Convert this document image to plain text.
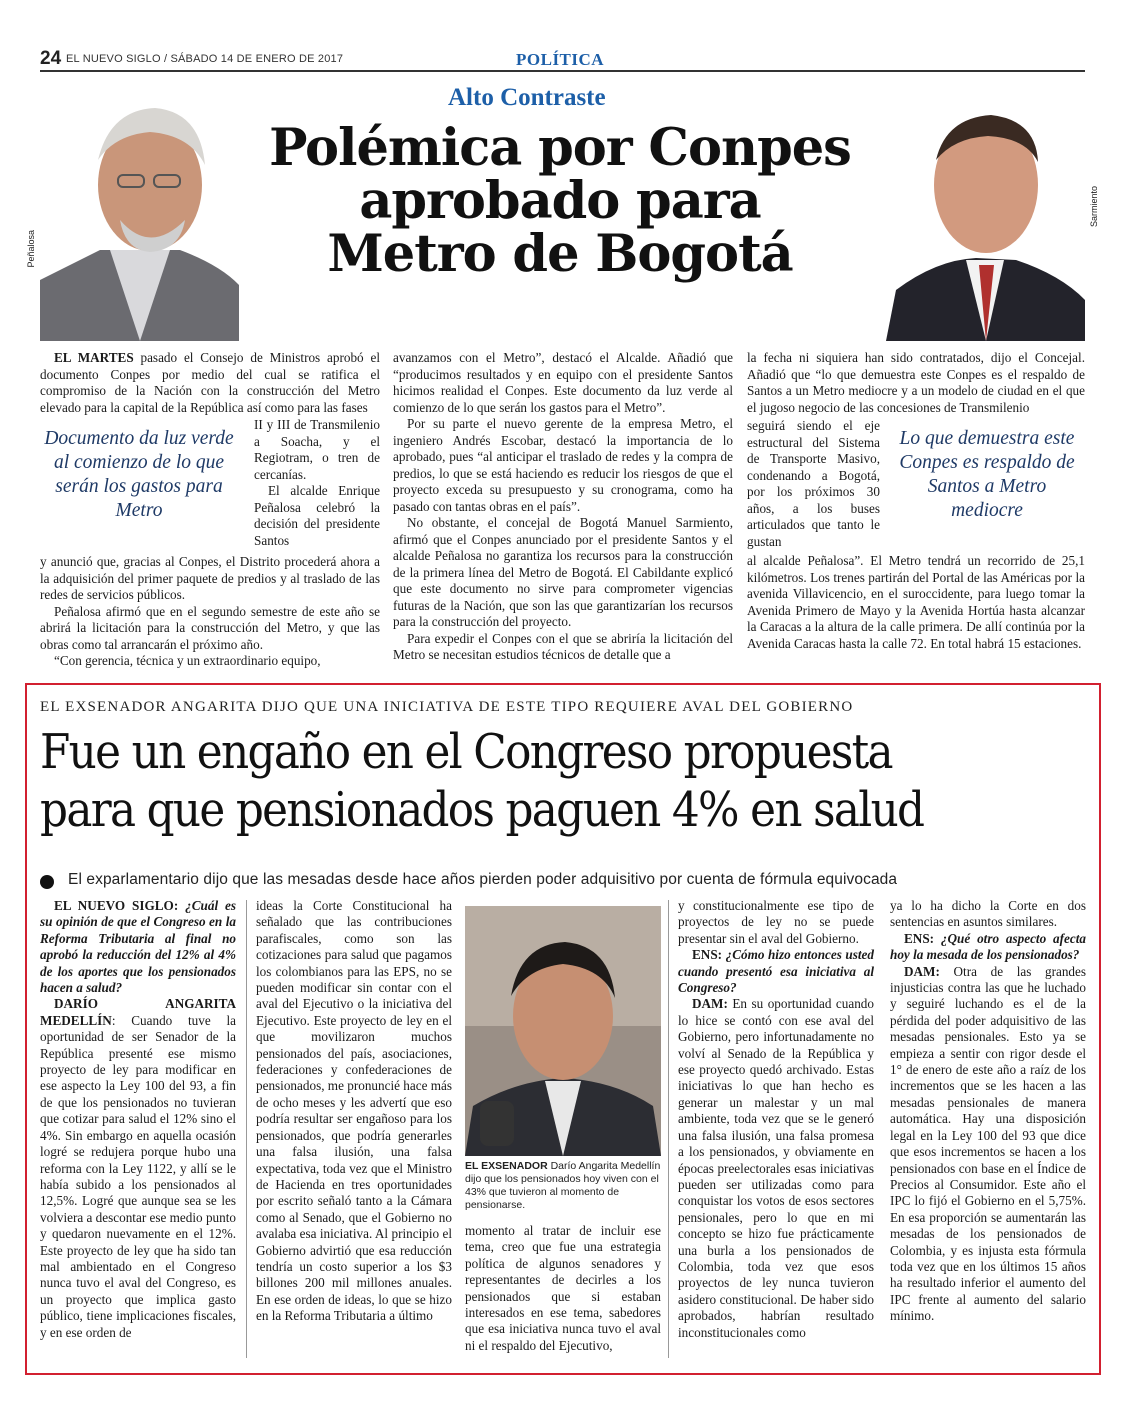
24 EL NUEVO SIGLO / SÁBADO 14 DE ENERO DE 2017	POLÍTICA
Alto Contraste
Polémica por Conpes
aprobado para
Metro de Bogotá
Peñalosa
Sarmiento

EL MARTES pasado el Consejo de Ministros aprobó el documento Conpes por medio del cual se ratifica el compromiso de la Nación con la construcción del Metro elevado para la capital de la República así como para las fases

Documento da luz verde al comienzo de lo que serán los gastos para Metro

II y III de Transmilenio a Soacha, y el Regiotram, o tren de cercanías.

El alcalde Enrique Peñalosa celebró la decisión del presidente Santos

y anunció que, gracias al Conpes, el Distrito procederá ahora a la adquisición del primer paquete de predios y al traslado de las redes de servicios públicos.

Peñalosa afirmó que en el segundo semestre de este año se abrirá la licitación para la construcción del Metro, y que las obras como tal arrancarán el próximo año.

“Con gerencia, técnica y un extraordinario equipo,

avanzamos con el Metro”, destacó el Alcalde. Añadió que “producimos resultados y en equipo con el presidente Santos hicimos realidad el Conpes. Este documento da luz verde al comienzo de lo que serán los gastos para el Metro”.

Por su parte el nuevo gerente de la empresa Metro, el ingeniero Andrés Escobar, destacó la importancia de lo aprobado, pues “al anticipar el traslado de redes y la compra de predios, lo que se está haciendo es reducir los riesgos de que el proyecto exceda su presupuesto y su cronograma, como ha pasado con tantas obras en el país”.

No obstante, el concejal de Bogotá Manuel Sarmiento, afirmó que el Conpes anunciado por el presidente Santos y el alcalde Peñalosa no garantiza los recursos para la construcción de la primera línea del Metro de Bogotá. El Cabildante explicó que este documento no sirve para comprometer vigencias futuras de la Nación, que son las que garantizarían los recursos para la construcción del proyecto.

Para expedir el Conpes con el que se abriría la licitación del Metro se necesitan estudios técnicos de detalle que a

la fecha ni siquiera han sido contratados, dijo el Concejal. Añadió que “lo que demuestra este Conpes es el respaldo de Santos a un Metro mediocre y a un modelo de ciudad en el que el jugoso negocio de las concesiones de Transmilenio

seguirá siendo el eje estructural del Sistema de Transporte Masivo, condenando a Bogotá, por los próximos 30 años, a los buses articulados que tanto le gustan

Lo que demuestra este Conpes es respaldo de Santos a Metro mediocre

al alcalde Peñalosa”. El Metro tendrá un recorrido de 25,1 kilómetros. Los trenes partirán del Portal de las Américas por la avenida Villavicencio, en el suroccidente, para luego tomar la Avenida Primero de Mayo y la Avenida Hortúa hasta alcanzar la Caracas a la altura de la calle primera. De allí continúa por la Avenida Caracas hasta la calle 72. En total habrá 15 estaciones.

EL EXSENADOR ANGARITA DIJO QUE UNA INICIATIVA DE ESTE TIPO REQUIERE AVAL DEL GOBIERNO
Fue un engaño en el Congreso propuesta
para que pensionados paguen 4% en salud
El exparlamentario dijo que las mesadas desde hace años pierden poder adquisitivo por cuenta de fórmula equivocada

EL NUEVO SIGLO: ¿Cuál es su opinión de que el Congreso en la Reforma Tributaria al final no aprobó la reducción del 12% al 4% de los aportes que los pensionados hacen a salud?

DARÍO ANGARITA MEDELLÍN: Cuando tuve la oportunidad de ser Senador de la República presenté ese mismo proyecto de ley para modificar en ese aspecto la Ley 100 del 93, a fin de que los pensionados no tuvieran que cotizar para salud el 12% sino el 4%. Sin embargo en aquella ocasión logré se redujera porque hubo una reforma con la Ley 1122, y allí se le había subido a los pensionados al 12,5%. Logré que aunque sea se les volviera a descontar ese medio punto y quedaron nuevamente en el 12%. Este proyecto de ley que ha sido tan mal ambientado en el Congreso nunca tuvo el aval del Congreso, es un proyecto que implica gasto público, tiene implicaciones fiscales, y en ese orden de

ideas la Corte Constitucional ha señalado que las contribuciones parafiscales, como son las cotizaciones para salud que pagamos los colombianos para las EPS, no se pueden modificar sin contar con el aval del Ejecutivo o la iniciativa del Ejecutivo. Este proyecto de ley en el que movilizaron muchos pensionados del país, asociaciones, federaciones y confederaciones de pensionados, me pronuncié hace más de ocho meses y les advertí que eso podría resultar ser engañoso para los pensionados, que podría generarles una falsa ilusión, una falsa expectativa, toda vez que el Ministro de Hacienda en tres oportunidades por escrito señaló tanto a la Cámara como al Senado, que el Gobierno no avalaba esa iniciativa. Al principio el Gobierno advirtió que esa reducción tendría un costo superior a los $3 billones 200 mil millones anuales. En ese orden de ideas, lo que se hizo en la Reforma Tributaria a último

EL EXSENADOR Darío Angarita Medellín dijo que los pensionados hoy viven con el 43% que tuvieron al momento de pensionarse.

momento al tratar de incluir ese tema, creo que fue una estrategia política de algunos senadores y representantes de decirles a los pensionados que si estaban interesados en ese tema, sabedores que esa iniciativa nunca tuvo el aval ni el respaldo del Ejecutivo,

y constitucionalmente ese tipo de proyectos de ley no se puede presentar sin el aval del Gobierno.

ENS: ¿Cómo hizo entonces usted cuando presentó esa iniciativa al Congreso?

DAM: En su oportunidad cuando lo hice se contó con ese aval del Gobierno, pero infortunadamente no volví al Senado de la República y ese proyecto quedó archivado. Estas iniciativas lo que han hecho es generar un malestar y un mal ambiente, toda vez que se le generó una falsa ilusión, una falsa promesa a los pensionados, y obviamente en épocas preelectorales esas iniciativas pueden ser utilizadas como para conquistar los votos de esos sectores pensionales, pero lo que en mi concepto se hizo fue prácticamente una burla a los pensionados de Colombia, toda vez que esos proyectos de ley nunca tuvieron asidero constitucional. De haber sido aprobados, habrían resultado inconstitucionales como

ya lo ha dicho la Corte en dos sentencias en asuntos similares.

ENS: ¿Qué otro aspecto afecta hoy la mesada de los pensionados?

DAM: Otra de las grandes injusticias contra las que he luchado y seguiré luchando es el de la pérdida del poder adquisitivo de las mesadas pensionales. Esto ya se empieza a sentir con rigor desde el 1° de enero de este año a raíz de los incrementos que se les hacen a las mesadas pensionales de manera automática. Hay una disposición legal en la Ley 100 del 93 que dice que esos incrementos se hacen a los pensionados con base en el Índice de Precios al Consumidor. Este año el IPC lo fijó el Gobierno en el 5,75%. En esa proporción se aumentarán las mesadas de los pensionados de Colombia, y es injusta esta fórmula toda vez que en los últimos 15 años ha resultado inferior el aumento del IPC frente al aumento del salario mínimo.
